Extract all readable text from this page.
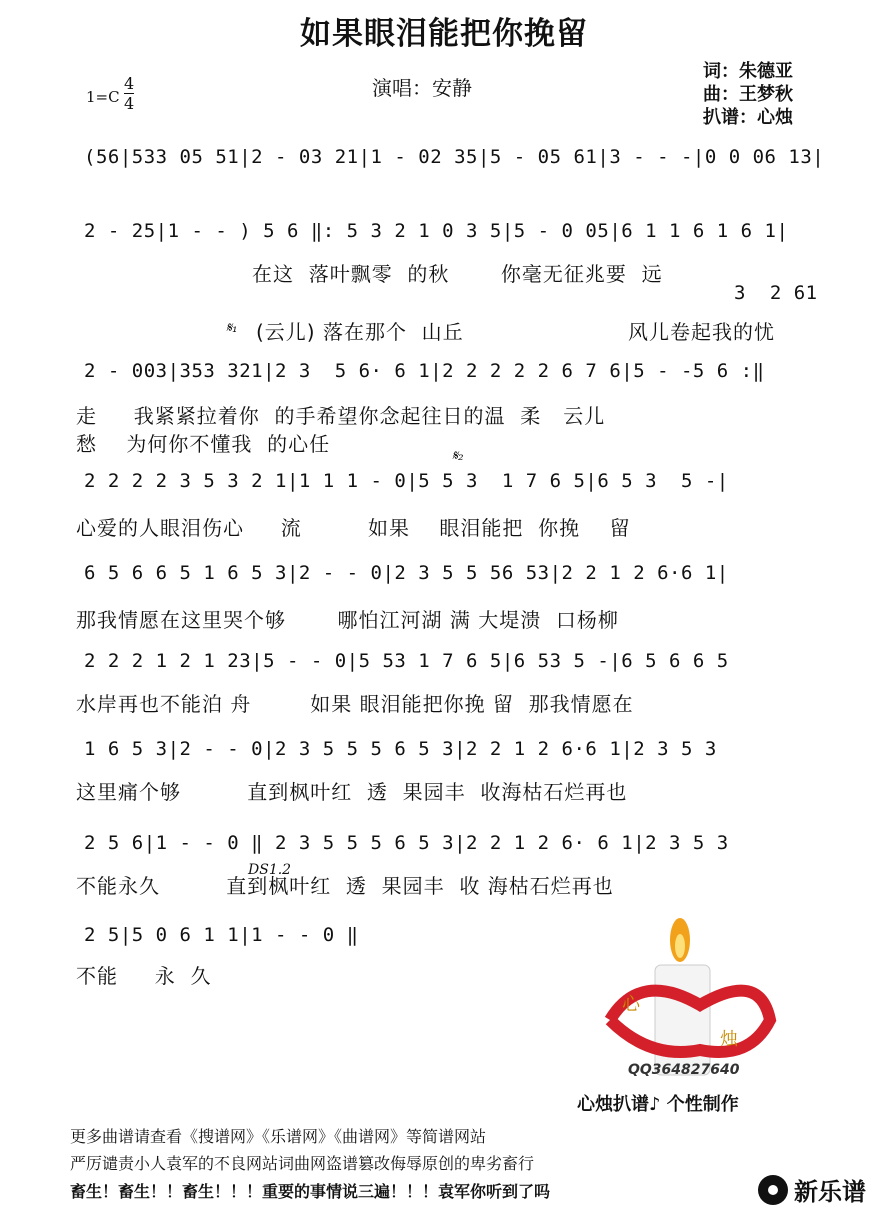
如果眼泪能把你挽留
1=C
4
4
演唱：安静
词：朱德亚
曲：王梦秋
扒谱：心烛
(56|533 05 51|2 - 03 21|1 - 02 35|5 - 05 61|3 - - -|0 0 06 13|
2 - 25|1 - - ) 5 6 ‖: 5 3 2 1 0 3 5|5 - 0 05|6 1 1 6 1 6 1|
在这  落叶飘零  的秋       你毫无征兆要  远
3  2 61
𝄋₁ (云儿) 落在那个  山丘	风儿卷起我的忧
2 - 003|353 321|2 3  5 6· 6 1|2 2 2 2 2 6 7 6|5 - -5 6 :‖
走     我紧紧拉着你  的手希望你念起往日的温  柔   云儿
愁    为何你不懂我  的心任	𝄋₂
2 2 2 2 3 5 3 2 1|1 1 1 - 0|5 5 3  1 7 6 5|6 5 3  5 -|
心爱的人眼泪伤心     流         如果    眼泪能把  你挽    留
6 5 6 6 5 1 6 5 3|2 - - 0|2 3 5 5 56 53|2 2 1 2 6·6 1|
那我情愿在这里哭个够       哪怕江河湖 满 大堤溃  口杨柳
2 2 2 1 2 1 23|5 - - 0|5 53 1 7 6 5|6 53 5 -|6 5 6 6 5
水岸再也不能泊 舟        如果 眼泪能把你挽 留  那我情愿在
1 6 5 3|2 - - 0|2 3 5 5 5 6 5 3|2 2 1 2 6·6 1|2 3 5 3
这里痛个够         直到枫叶红  透  果园丰  收海枯石烂再也
2 5 6|1 - - 0 ‖ 2 3 5 5 5 6 5 3|2 2 1 2 6· 6 1|2 3 5 3
DS1.2
不能永久         直到枫叶红  透  果园丰  收 海枯石烂再也
2 5|5 0 6 1 1|1 - - 0 ‖
不能     永  久
心
烛
QQ364827640
心烛扒谱♪ 个性制作
更多曲谱请查看《搜谱网》《乐谱网》《曲谱网》等简谱网站
严厉谴责小人袁军的不良网站词曲网盗谱篡改侮辱原创的卑劣畜行
畜生！畜生！！畜生！！！重要的事情说三遍！！！袁军你听到了吗	新乐谱
